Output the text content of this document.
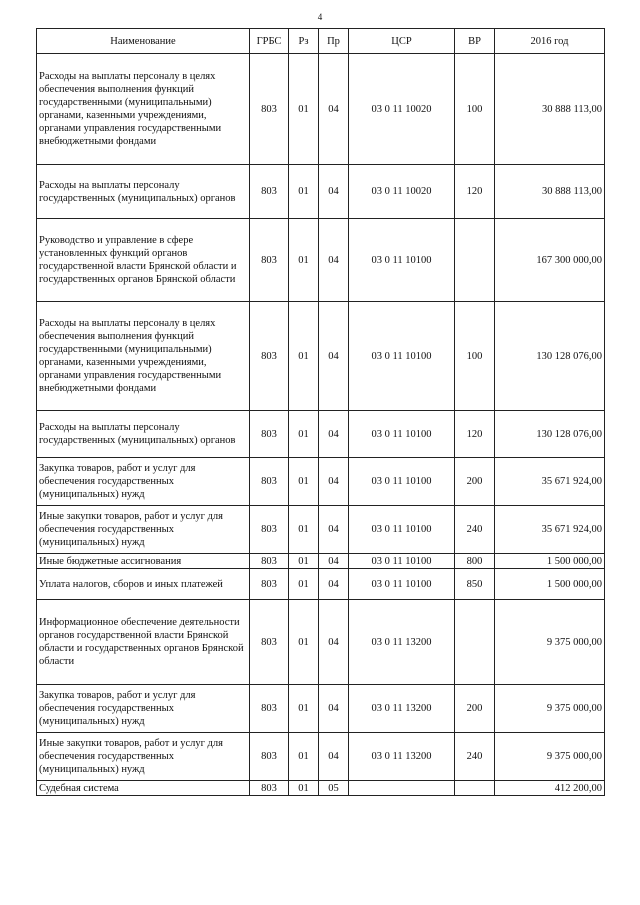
4
Наименование	ГРБС	Рз	Пр	ЦСР	ВР	2016 год
Расходы на выплаты персоналу в целях обеспечения выполнения функций государственными (муниципальными) органами, казенными учреждениями, органами управления государственными внебюджетными фондами	803	01	04	03 0 11 10020	100	30 888 113,00
Расходы на выплаты персоналу государственных (муниципальных) органов	803	01	04	03 0 11 10020	120	30 888 113,00
Руководство и управление в сфере установленных функций органов государственной власти Брянской области и государственных органов Брянской области	803	01	04	03 0 11 10100		167 300 000,00
Расходы на выплаты персоналу в целях обеспечения выполнения функций государственными (муниципальными) органами, казенными учреждениями, органами управления государственными внебюджетными фондами	803	01	04	03 0 11 10100	100	130 128 076,00
Расходы на выплаты персоналу государственных (муниципальных) органов	803	01	04	03 0 11 10100	120	130 128 076,00
Закупка товаров, работ и услуг для обеспечения государственных (муниципальных) нужд	803	01	04	03 0 11 10100	200	35 671 924,00
Иные закупки товаров, работ и услуг для обеспечения государственных (муниципальных) нужд	803	01	04	03 0 11 10100	240	35 671 924,00
Иные бюджетные ассигнования	803	01	04	03 0 11 10100	800	1 500 000,00
Уплата налогов, сборов и иных платежей	803	01	04	03 0 11 10100	850	1 500 000,00
Информационное обеспечение деятельности органов государственной власти Брянской области и государственных органов Брянской области	803	01	04	03 0 11 13200		9 375 000,00
Закупка товаров, работ и услуг для обеспечения государственных (муниципальных) нужд	803	01	04	03 0 11 13200	200	9 375 000,00
Иные закупки товаров, работ и услуг для обеспечения государственных (муниципальных) нужд	803	01	04	03 0 11 13200	240	9 375 000,00
Судебная система	803	01	05			412 200,00
